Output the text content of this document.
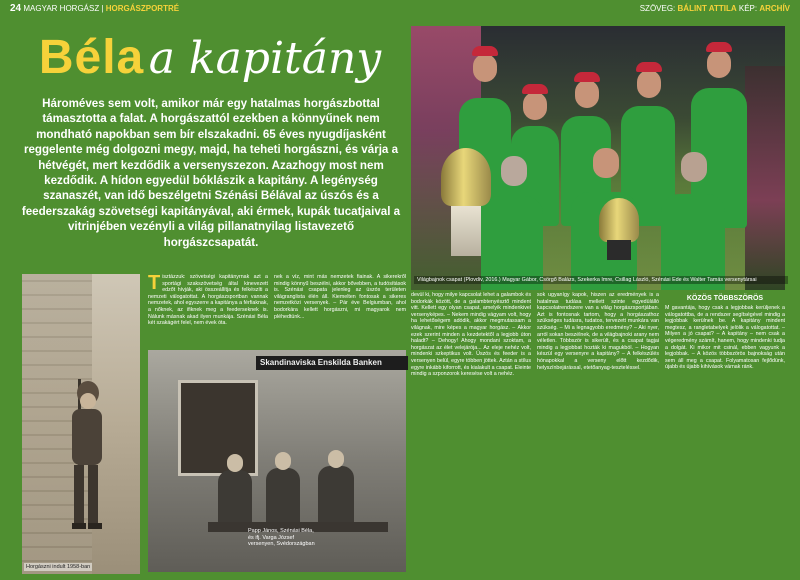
24 MAGYAR HORGÁSZ | HORGÁSZPORTRÉ	SZÖVEG: BÁLINT ATTILA KÉP: ARCHÍV
Béla a kapitány
Hároméves sem volt, amikor már egy hatalmas horgászbottal támasztotta a falat. A horgászattól ezekben a könnyűnek nem mondható napokban sem bír elszakadni. 65 éves nyugdíjasként reggelente még dolgozni megy, majd, ha teheti horgászni, és várja a hétvégét, mert kezdődik a versenyszezon. Azazhogy most nem kezdődik. A hídon egyedül bóklászik a kapitány. A legénység szanaszét, van idő beszélgetni Szénási Bélával az úszós és a feederszakág szövetségi kapitányával, aki érmek, kupák tucatjaival a vitrinjében vezényli a világ pillanatnyilag listavezető horgászcsapatát.
Világbajnok csapat (Plovdiv, 2016.) Magyar Gábor, Csörgő Balázs, Szekerka Imre, Csillag László, Szénási Ede és Walter Tamás versenytársai
Horgászni indult 1958-ban
Skandinaviska Enskilda Banken
Papp János, Szénási Béla, és ifj. Varga József versenyen, Svédországban
Tisztázzuk: szövetségi kapitányrnak azt a sportági szakszövetség által kinevezett edzőt hívják, aki összeállítja és felkészíti a nemzeti válogatottat. A horgászsportban vannak nemzetek, ahol egyszerre a kapitánya a férfiaknak, a nőknek, az ifiknek meg a feederseknek is. Nálunk másnak akad ilyen munkája. Szénási Béla két szakágért felel, nem évek óta.
nek a víz, mint más nemzetek fiainak. A sikerekről mindig könnyű beszélni, akkor bővebben, a tudósítások is. Szénási csapata jelenleg az úszós területen világranglista élén áll. Kiemelten fontosak a sikeres nemzetközi versenyek. – Pár éve Belgiumban, ahol bodorkára kellett horgászni, mi magyarok nem pléhedtünk...
devül ki, hogy milye kapcsolat lehet a galambok és bodorkák között, de a galambtenyésztő mindent vitt. Kellett egy olyan csapat, amelyik mindenkivel versenyképes. – Nekem mindig vágyam volt, hogy ha lehetőségem adódik, akkor megmutassam a világnak, mire képes a magyar horgász. – Akkor ezek szerint minden a kezdetektől a legjobb úton haladt? – Dehogy! Ahogy mondani szoktam, a horgászat az élet velejárója... Az eleje nehéz volt, mindenki szkeptikus volt. Úszós és feeder is a versenyen belül, egyre többen jöttek. Aztán a stílus egyre inkább kiforrott, és kialakult a csapat. Eleinte mindig a szponzorok keresése volt a nehéz.
sok ugyanígy kapok, hiszen az eredmények is a hatalmas tudása mellett szinte egyedülálló kapcsolatrendszere van a világ horgászsportjában. Azt is fontosnak tartom, hogy a horgászathoz szükséges tudásra, tudatos, tervezett munkára van szükség. – Mi a legnagyobb eredmény? – Aki nyer, arról sokan beszélnek, de a világbajnoki arany nem véletlen. Többször is sikerült, és a csapat tagjai mindig a legjobbat hozták ki magukból. – Hogyan készül egy versenyre a kapitány? – A felkészülés hónapokkal a verseny előtt kezdődik, helyszínbejárással, etetőanyag-teszteléssel.
KÖZÖS TÖBBSZÖRÖS
M gavantája, hogy csak a legjobbak kerüljenek a válogatottba, de a rendszer segítségével mindig a legjobbak kerülnek be. A kapitány mindent megtesz, a rangletabelyek jelölik a válogatottat. – Milyen a jó csapat? – A kapitány – nem csak a végeredmény számít, hanem, hogy mindenki tudja a dolgát. Ki mikor mit csinál, ebben vagyunk a legjobbak. – A közös többszörös bajnokság után sem áll meg a csapat. Folyamatosan fejlődünk, újabb és újabb kihívások várnak ránk.
